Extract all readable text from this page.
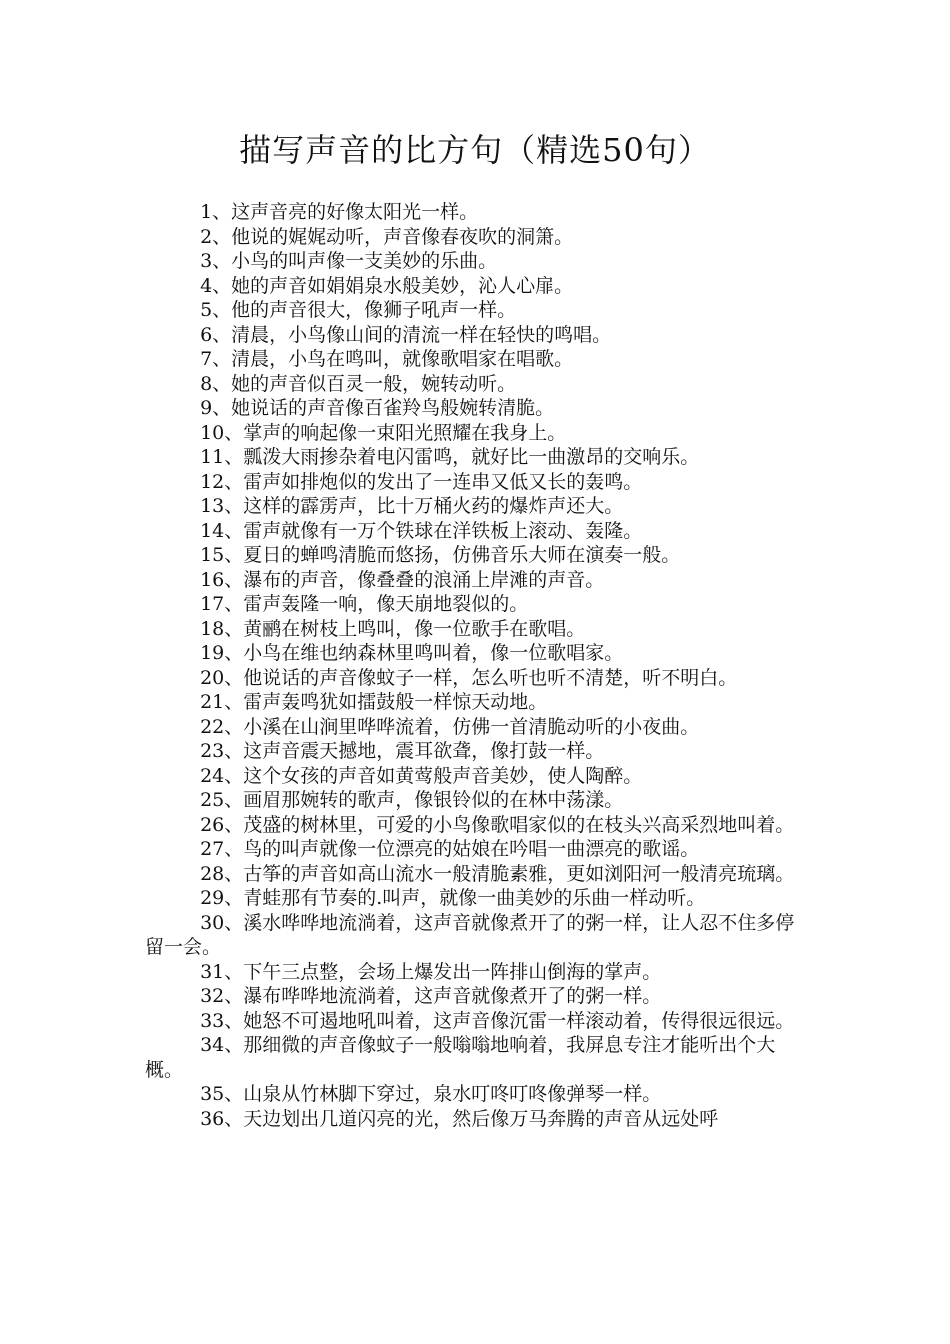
描写声音的比方句（精选50句）

1、这声音亮的好像太阳光一样。

2、他说的娓娓动听，声音像春夜吹的洞箫。

3、小鸟的叫声像一支美妙的乐曲。

4、她的声音如娟娟泉水般美妙，沁人心扉。

5、他的声音很大，像狮子吼声一样。

6、清晨，小鸟像山间的清流一样在轻快的鸣唱。

7、清晨，小鸟在鸣叫，就像歌唱家在唱歌。

8、她的声音似百灵一般，婉转动听。

9、她说话的声音像百雀羚鸟般婉转清脆。

10、掌声的响起像一束阳光照耀在我身上。

11、瓢泼大雨掺杂着电闪雷鸣，就好比一曲激昂的交响乐。

12、雷声如排炮似的发出了一连串又低又长的轰鸣。

13、这样的霹雳声，比十万桶火药的爆炸声还大。

14、雷声就像有一万个铁球在洋铁板上滚动、轰隆。

15、夏日的蝉鸣清脆而悠扬，仿佛音乐大师在演奏一般。

16、瀑布的声音，像叠叠的浪涌上岸滩的声音。

17、雷声轰隆一响，像天崩地裂似的。

18、黄鹂在树枝上鸣叫，像一位歌手在歌唱。

19、小鸟在维也纳森林里鸣叫着，像一位歌唱家。

20、他说话的声音像蚊子一样，怎么听也听不清楚，听不明白。

21、雷声轰鸣犹如擂鼓般一样惊天动地。

22、小溪在山涧里哗哗流着，仿佛一首清脆动听的小夜曲。

23、这声音震天撼地，震耳欲聋，像打鼓一样。

24、这个女孩的声音如黄莺般声音美妙，使人陶醉。

25、画眉那婉转的歌声，像银铃似的在林中荡漾。

26、茂盛的树林里，可爱的小鸟像歌唱家似的在枝头兴高采烈地叫着。

27、鸟的叫声就像一位漂亮的姑娘在吟唱一曲漂亮的歌谣。

28、古筝的声音如高山流水一般清脆素雅，更如浏阳河一般清亮琉璃。

29、青蛙那有节奏的.叫声，就像一曲美妙的乐曲一样动听。

30、溪水哗哗地流淌着，这声音就像煮开了的粥一样，让人忍不住多停留一会。

31、下午三点整，会场上爆发出一阵排山倒海的掌声。

32、瀑布哗哗地流淌着，这声音就像煮开了的粥一样。

33、她怒不可遏地吼叫着，这声音像沉雷一样滚动着，传得很远很远。

34、那细微的声音像蚊子一般嗡嗡地响着，我屏息专注才能听出个大概。

35、山泉从竹林脚下穿过，泉水叮咚叮咚像弹琴一样。

36、天边划出几道闪亮的光，然后像万马奔腾的声音从远处呼
